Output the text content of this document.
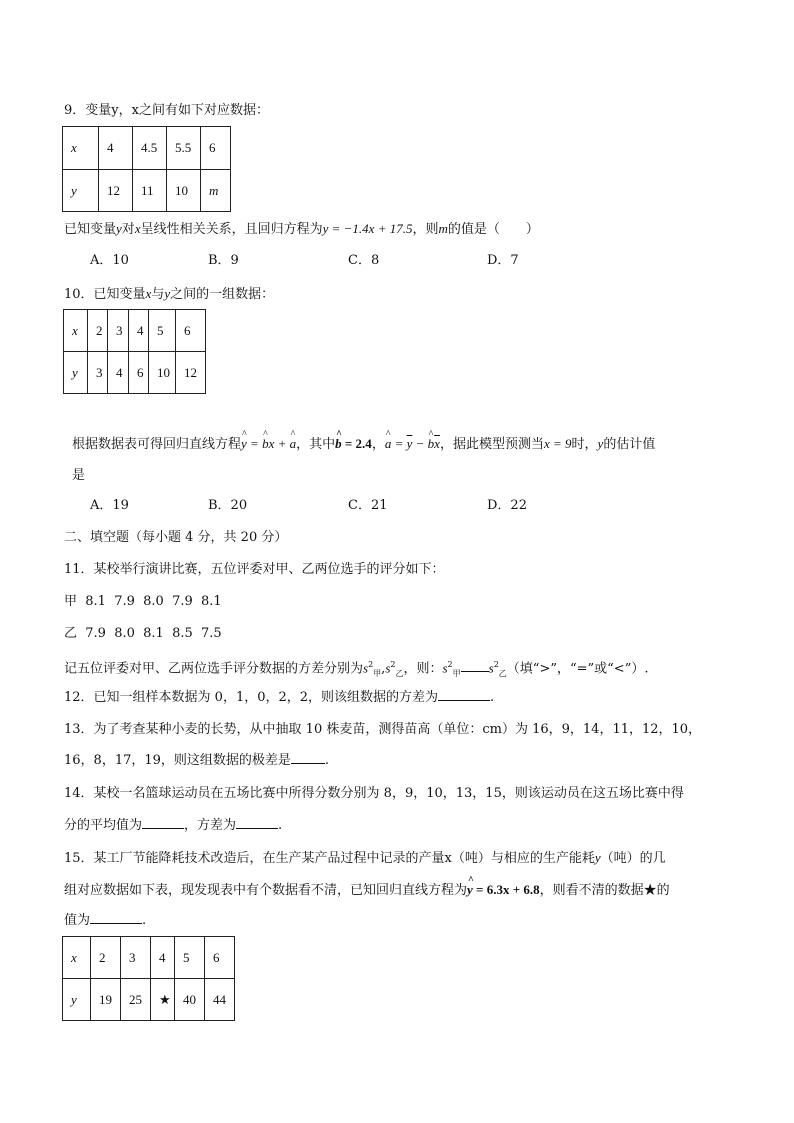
9．变量y，x之间有如下对应数据：
x	4	4.5	5.5	6
y	12	11	10	m
已知变量y对x呈线性相关关系，且回归方程为y = −1.4x + 17.5，则m的值是（　　）
A．10	B．9	C．8	D．7
10．已知变量x与y之间的一组数据：
x	2	3	4	5	6
y	3	4	6	10	12
根据数据表可得回归直线方程y ^ = b ^x + a ^，其中b ^ = 2.4，a ^ = $\overline{y} - b$ $\^{}\overline{x}$，据此模型预测当x = 9时，y的估计值
是
A．19	B．20	C．21	D．22
二、填空题（每小题 4 分，共 20 分）
11．某校举行演讲比赛，五位评委对甲、乙两位选手的评分如下：
甲  8.1  7.9  8.0  7.9  8.1
乙  7.9  8.0  8.1  8.5  7.5
记五位评委对甲、乙两位选手评分数据的方差分别为$s^2_甲,s^2_乙$，则：$s^2_甲$ $s^2_乙$（填“>”，“=”或“<”）.
12．已知一组样本数据为 0，1，0，2，2，则该组数据的方差为	.
13．为了考查某种小麦的长势，从中抽取 10 株麦苗，测得苗高（单位：cm）为 16，9，14，11，12，10，
16，8，17，19，则这组数据的极差是	.
14．某校一名篮球运动员在五场比赛中所得分数分别为 8，9，10，13，15，则该运动员在这五场比赛中得
分的平均值为	，方差为	.
15．某工厂节能降耗技术改造后，在生产某产品过程中记录的产量x（吨）与相应的生产能耗y（吨）的几
组对应数据如下表，现发现表中有个数据看不清，已知回归直线方程为y ^ = 6.3x + 6.8，则看不清的数据★的
值为	.
x	2	3	4	5	6
y	19	25	★	40	44
